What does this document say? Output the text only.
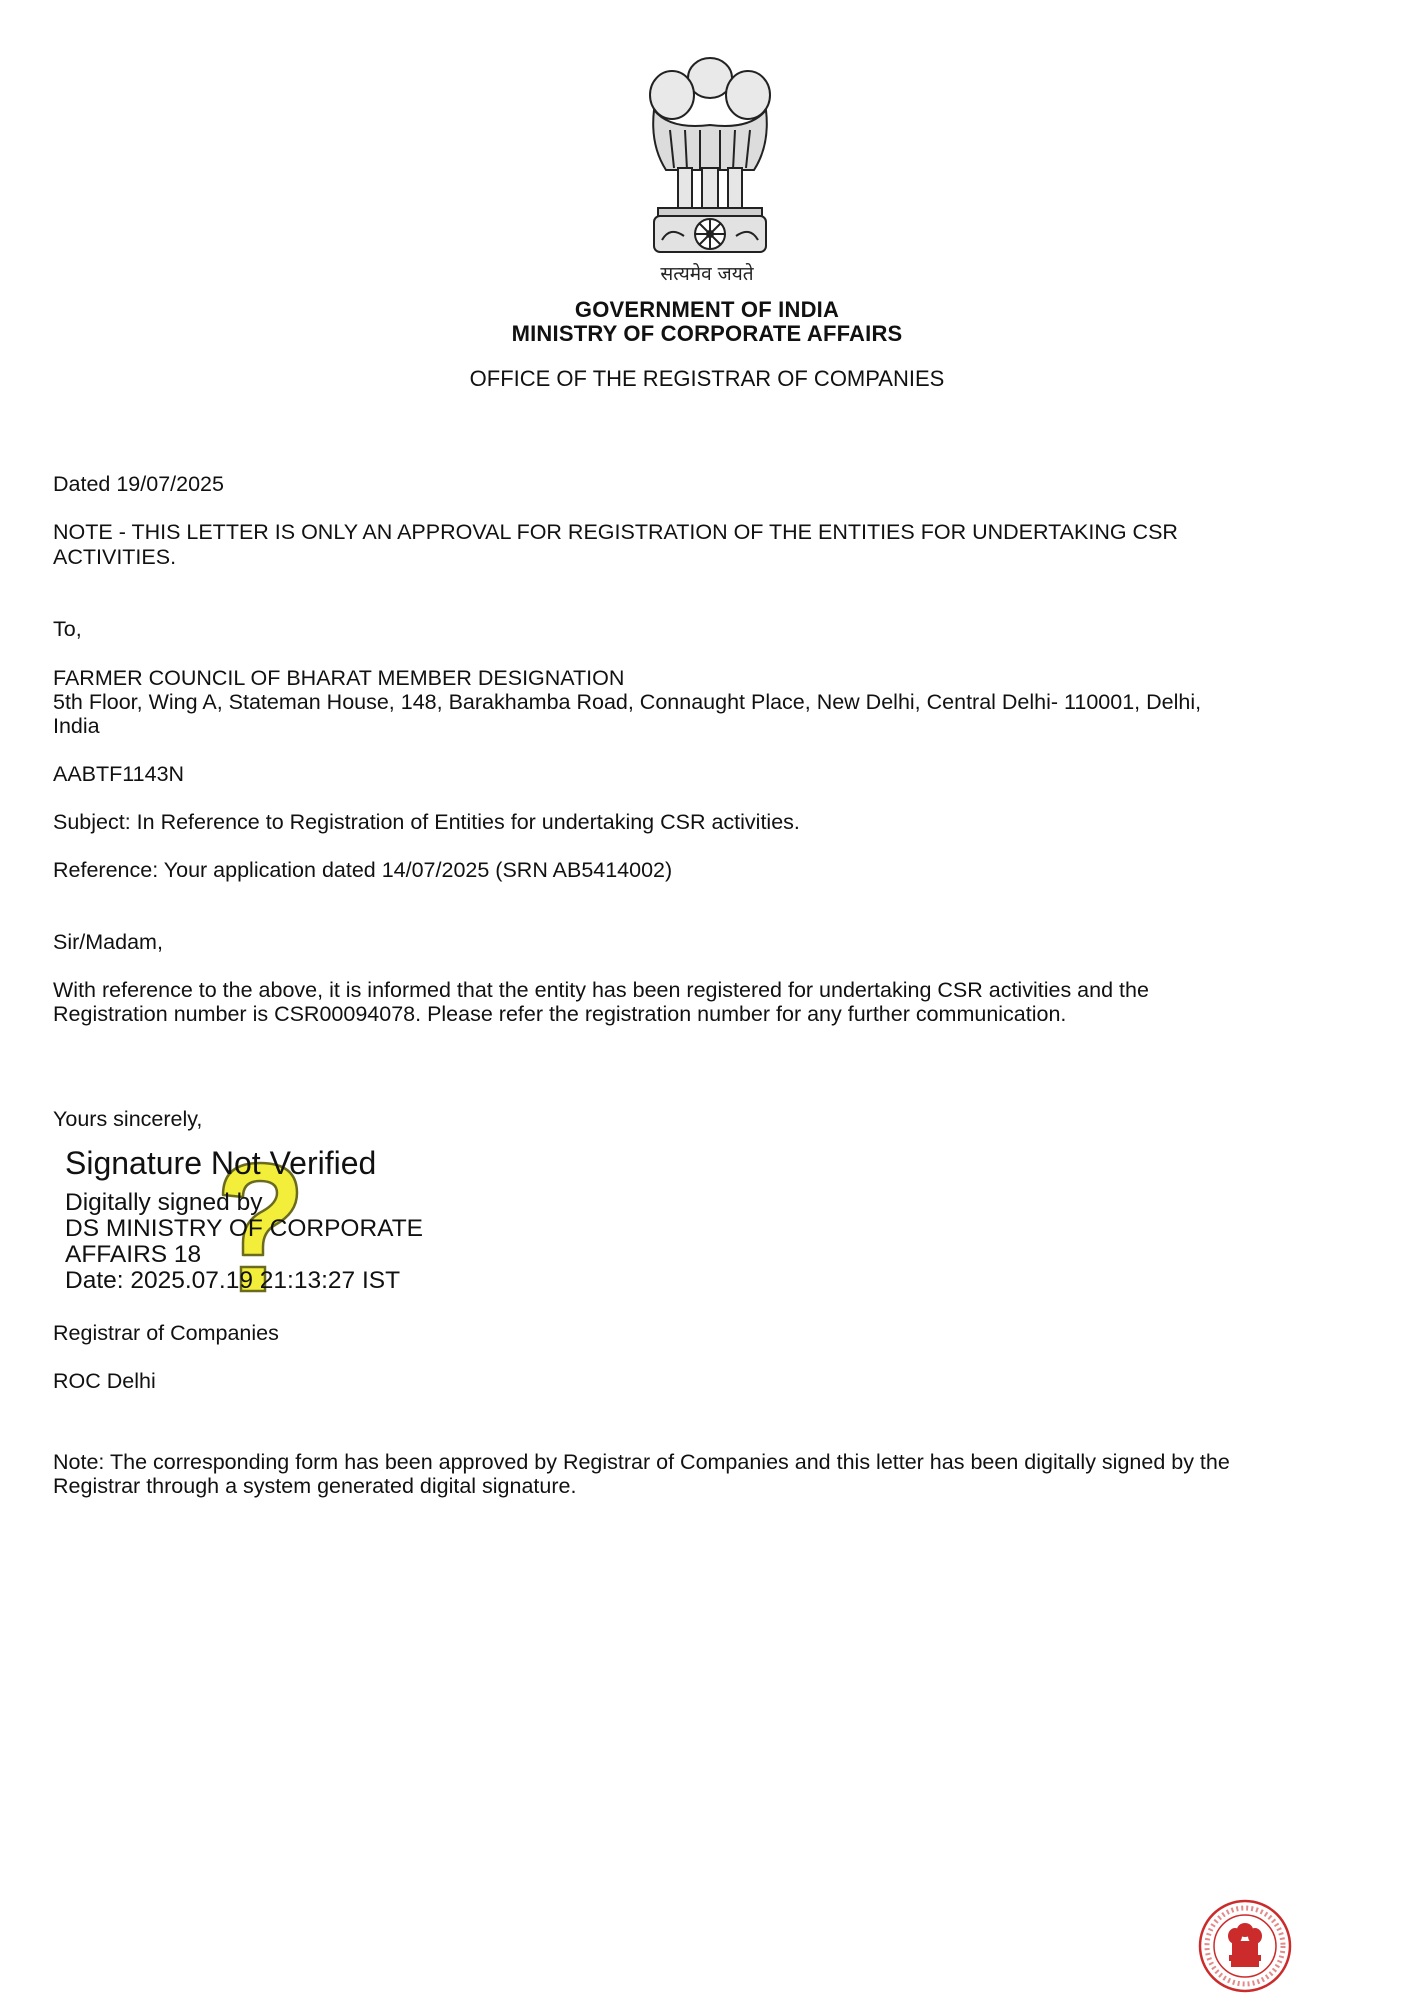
सत्यमेव जयते
GOVERNMENT OF INDIA
MINISTRY OF CORPORATE AFFAIRS
OFFICE OF THE REGISTRAR OF COMPANIES
Dated 19/07/2025
NOTE - THIS LETTER IS ONLY AN APPROVAL FOR REGISTRATION OF THE ENTITIES FOR UNDERTAKING CSR
ACTIVITIES.
To,
FARMER COUNCIL OF BHARAT MEMBER DESIGNATION
5th Floor, Wing A, Stateman House, 148, Barakhamba Road, Connaught Place, New Delhi, Central Delhi- 110001, Delhi,
India
AABTF1143N
Subject: In Reference to Registration of Entities for undertaking CSR activities.
Reference: Your application dated 14/07/2025 (SRN AB5414002)
Sir/Madam,
With reference to the above, it is informed that the entity has been registered for undertaking CSR activities and the
Registration number is CSR00094078. Please refer the registration number for any further communication.
Yours sincerely,
Signature Not Verified
Digitally signed by
DS MINISTRY OF CORPORATE
AFFAIRS 18
Date: 2025.07.19 21:13:27 IST
Registrar of Companies
ROC Delhi
Note: The corresponding form has been approved by Registrar of Companies and this letter has been digitally signed by the
Registrar through a system generated digital signature.
